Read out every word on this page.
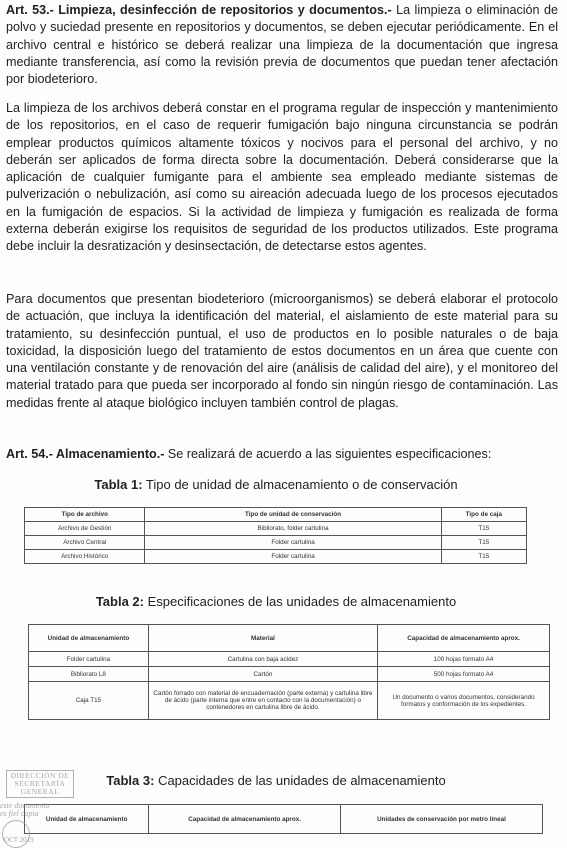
Art. 53.- Limpieza, desinfección de repositorios y documentos.- La limpieza o eliminación de polvo y suciedad presente en repositorios y documentos, se deben ejecutar periódicamente. En el archivo central e histórico se deberá realizar una limpieza de la documentación que ingresa mediante transferencia, así como la revisión previa de documentos que puedan tener afectación por biodeterioro.

La limpieza de los archivos deberá constar en el programa regular de inspección y mantenimiento de los repositorios, en el caso de requerir fumigación bajo ninguna circunstancia se podrán emplear productos químicos altamente tóxicos y nocivos para el personal del archivo, y no deberán ser aplicados de forma directa sobre la documentación. Deberá considerarse que la aplicación de cualquier fumigante para el ambiente sea empleado mediante sistemas de pulverización o nebulización, así como su aireación adecuada luego de los procesos ejecutados en la fumigación de espacios. Si la actividad de limpieza y fumigación es realizada de forma externa deberán exigirse los requisitos de seguridad de los productos utilizados. Este programa debe incluir la desratización y desinsectación, de detectarse estos agentes.

Para documentos que presentan biodeterioro (microorganismos) se deberá elaborar el protocolo de actuación, que incluya la identificación del material, el aislamiento de este material para su tratamiento, su desinfección puntual, el uso de productos en lo posible naturales o de baja toxicidad, la disposición luego del tratamiento de estos documentos en un área que cuente con una ventilación constante y de renovación del aire (análisis de calidad del aire), y el monitoreo del material tratado para que pueda ser incorporado al fondo sin ningún riesgo de contaminación. Las medidas frente al ataque biológico incluyen también control de plagas.

Art. 54.- Almacenamiento.- Se realizará de acuerdo a las siguientes especificaciones:

Tabla 1: Tipo de unidad de almacenamiento o de conservación
Tipo de archivo	Tipo de unidad de conservación	Tipo de caja
Archivo de Gestión	Bibliorato, folder cartulina	T15
Archivo Central	Folder cartulina	T15
Archivo Histórico	Folder cartulina	T15
Tabla 2: Especificaciones de las unidades de almacenamiento
Unidad de almacenamiento	Material	Capacidad de almacenamiento aprox.
Folder cartulina	Cartulina con baja acidez	100 hojas formato A4
Bibliorato L8	Cartón	500 hojas formato A4
Caja T15	Cartón forrado con material de encuadernación (parte externa) y cartulina libre de ácido (parte interna que entre en contacto con la documentación) o contenedores en cartulina libre de ácido.	Un documento o varios documentos, considerando formatos y conformación de los expedientes.
Tabla 3: Capacidades de las unidades de almacenamiento
Unidad de almacenamiento	Capacidad de almacenamiento aprox.	Unidades de conservación por metro lineal
DIRECCIÓN DE
SECRETARÍA
GENERAL
este documento
es fiel copia
OCT 2019
